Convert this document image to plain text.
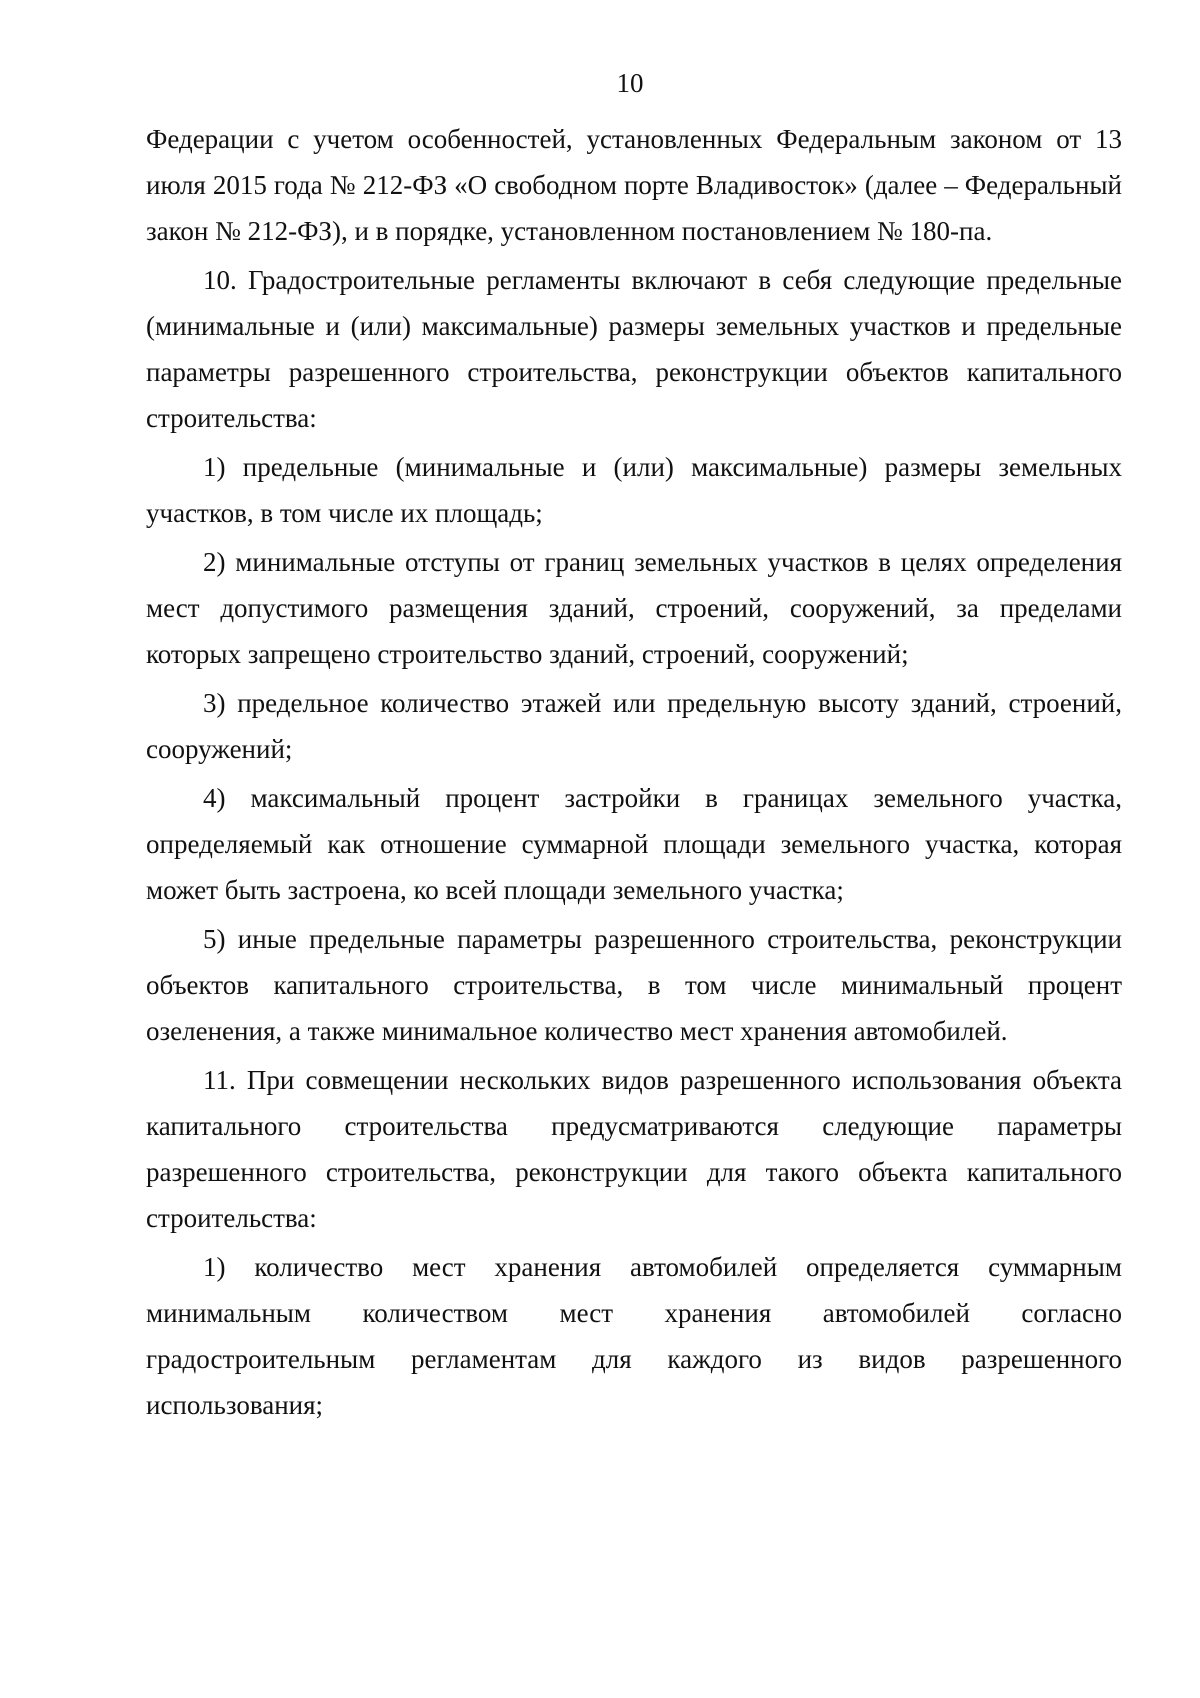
10

Федерации с учетом особенностей, установленных Федеральным законом от 13 июля 2015 года № 212-ФЗ «О свободном порте Владивосток» (далее – Федеральный закон № 212-ФЗ), и в порядке, установленном постановлением № 180-па.

10. Градостроительные регламенты включают в себя следующие предельные (минимальные и (или) максимальные) размеры земельных участков и предельные параметры разрешенного строительства, реконструкции объектов капитального строительства:

1) предельные (минимальные и (или) максимальные) размеры земельных участков, в том числе их площадь;

2) минимальные отступы от границ земельных участков в целях определения мест допустимого размещения зданий, строений, сооружений, за пределами которых запрещено строительство зданий, строений, сооружений;

3) предельное количество этажей или предельную высоту зданий, строений, сооружений;

4) максимальный процент застройки в границах земельного участка, определяемый как отношение суммарной площади земельного участка, которая может быть застроена, ко всей площади земельного участка;

5) иные предельные параметры разрешенного строительства, реконструкции объектов капитального строительства, в том числе минимальный процент озеленения, а также минимальное количество мест хранения автомобилей.

11. При совмещении нескольких видов разрешенного использования объекта капитального строительства предусматриваются следующие параметры разрешенного строительства, реконструкции для такого объекта капитального строительства:

1) количество мест хранения автомобилей определяется суммарным минимальным количеством мест хранения автомобилей согласно градостроительным регламентам для каждого из видов разрешенного использования;
